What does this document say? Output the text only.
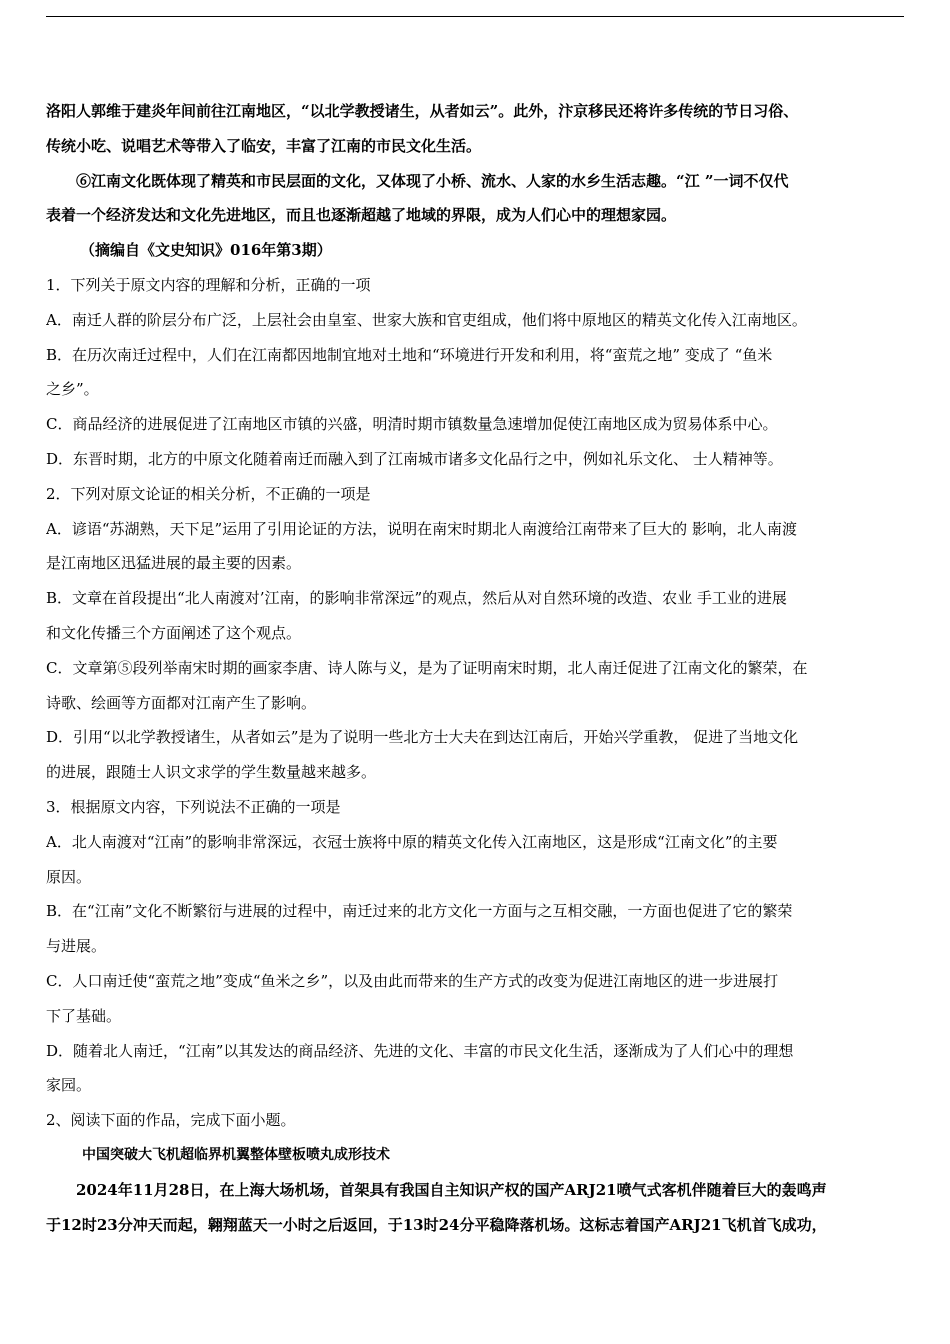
洛阳人郭维于建炎年间前往江南地区，“以北学教授诸生，从者如云”。此外，汴京移民还将许多传统的节日习俗、
传统小吃、说唱艺术等带入了临安，丰富了江南的市民文化生活。
⑥江南文化既体现了精英和市民层面的文化，又体现了小桥、流水、人家的水乡生活志趣。“江 ”一词不仅代
表着一个经济发达和文化先进地区，而且也逐渐超越了地域的界限，成为人们心中的理想家园。
（摘编自《文史知识》016年第3期）
1．下列关于原文内容的理解和分析，正确的一项
A．南迁人群的阶层分布广泛，上层社会由皇室、世家大族和官吏组成，他们将中原地区的精英文化传入江南地区。
B．在历次南迁过程中，人们在江南都因地制宜地对土地和“环境进行开发和利用，将“蛮荒之地” 变成了 “鱼米
之乡”。
C．商品经济的进展促进了江南地区市镇的兴盛，明清时期市镇数量急速增加促使江南地区成为贸易体系中心。
D．东晋时期，北方的中原文化随着南迁而融入到了江南城市诸多文化品行之中，例如礼乐文化、 士人精神等。
2．下列对原文论证的相关分析，不正确的一项是
A．谚语“苏湖熟，天下足”运用了引用论证的方法，说明在南宋时期北人南渡给江南带来了巨大的 影响，北人南渡
是江南地区迅猛进展的最主要的因素。
B．文章在首段提出“北人南渡对’江南，的影响非常深远”的观点，然后从对自然环境的改造、农业 手工业的进展
和文化传播三个方面阐述了这个观点。
C．文章第⑤段列举南宋时期的画家李唐、诗人陈与义，是为了证明南宋时期，北人南迁促进了江南文化的繁荣，在
诗歌、绘画等方面都对江南产生了影响。
D．引用“以北学教授诸生，从者如云”是为了说明一些北方士大夫在到达江南后，开始兴学重教， 促进了当地文化
的进展，跟随士人识文求学的学生数量越来越多。
3．根据原文内容，下列说法不正确的一项是
A．北人南渡对“江南”的影响非常深远，衣冠士族将中原的精英文化传入江南地区，这是形成“江南文化”的主要
原因。
B．在“江南”文化不断繁衍与进展的过程中，南迁过来的北方文化一方面与之互相交融，一方面也促进了它的繁荣
与进展。
C．人口南迁使“蛮荒之地”变成“鱼米之乡”，以及由此而带来的生产方式的改变为促进江南地区的进一步进展打
下了基础。
D．随着北人南迁，“江南”以其发达的商品经济、先进的文化、丰富的市民文化生活，逐渐成为了人们心中的理想
家园。
2、阅读下面的作品，完成下面小题。
中国突破大飞机超临界机翼整体壁板喷丸成形技术
2024年11月28日，在上海大场机场，首架具有我国自主知识产权的国产ARJ21喷气式客机伴随着巨大的轰鸣声
于12时23分冲天而起，翱翔蓝天一小时之后返回，于13时24分平稳降落机场。这标志着国产ARJ21飞机首飞成功，
